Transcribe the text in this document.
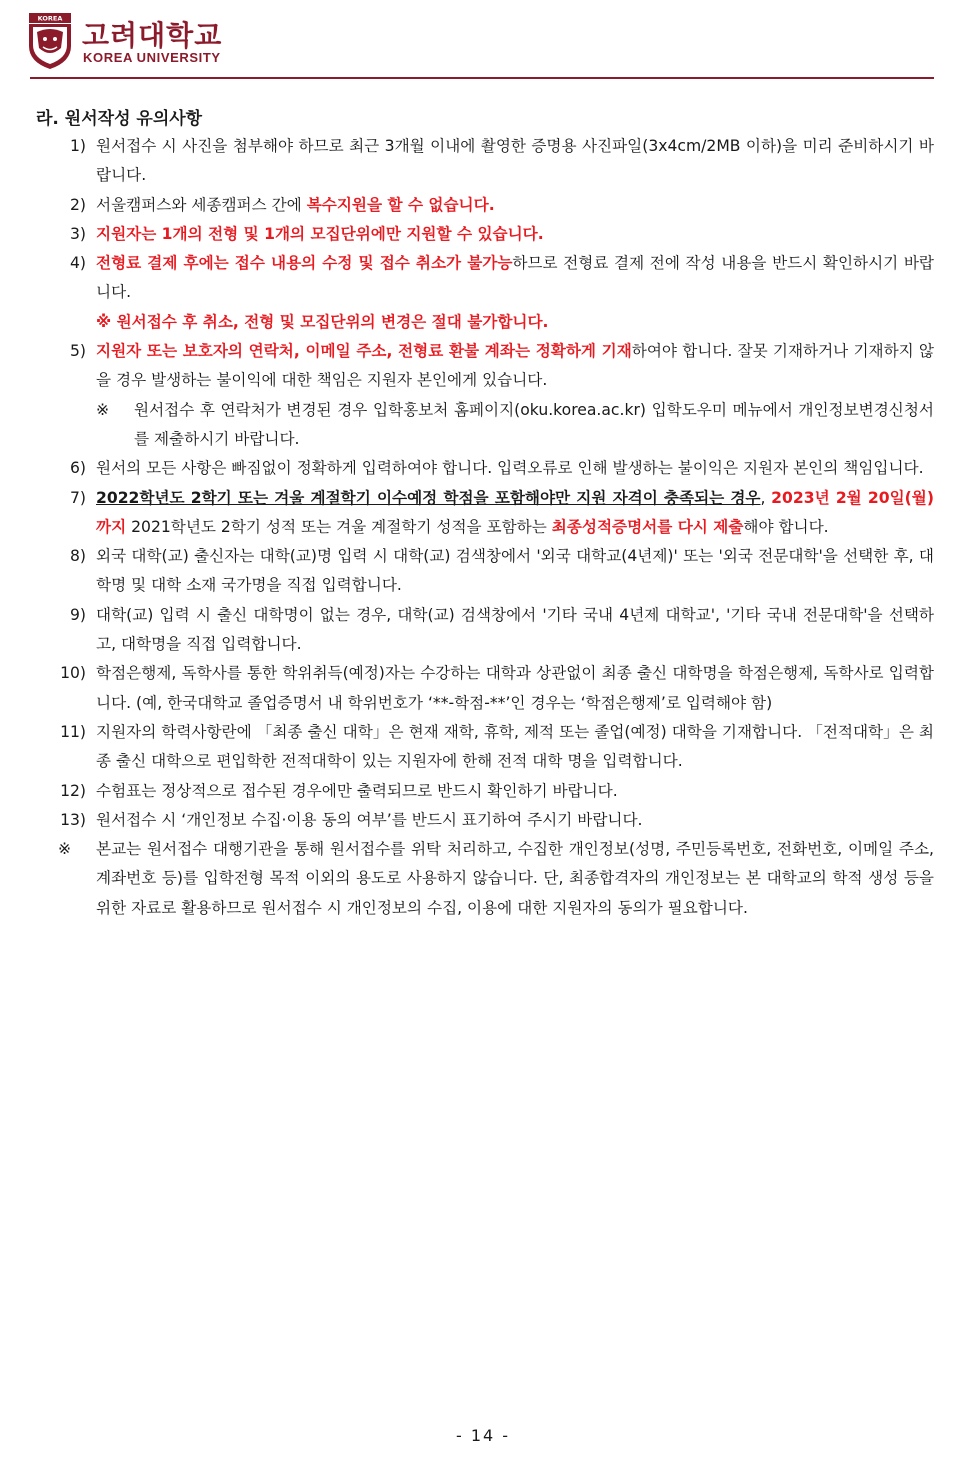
KOREA
고려대학교
KOREA UNIVERSITY
라. 원서작성 유의사항
1) 원서접수 시 사진을 첨부해야 하므로 최근 3개월 이내에 촬영한 증명용 사진파일(3x4cm/2MB 이하)을 미리 준비하시기 바랍니다.
2) 서울캠퍼스와 세종캠퍼스 간에 복수지원을 할 수 없습니다.
3) 지원자는 1개의 전형 및 1개의 모집단위에만 지원할 수 있습니다.
4) 전형료 결제 후에는 접수 내용의 수정 및 접수 취소가 불가능하므로 전형료 결제 전에 작성 내용을 반드시 확인하시기 바랍니다.
※ 원서접수 후 취소, 전형 및 모집단위의 변경은 절대 불가합니다.
5) 지원자 또는 보호자의 연락처, 이메일 주소, 전형료 환불 계좌는 정확하게 기재하여야 합니다. 잘못 기재하거나 기재하지 않을 경우 발생하는 불이익에 대한 책임은 지원자 본인에게 있습니다.
※	원서접수 후 연락처가 변경된 경우 입학홍보처 홈페이지(oku.korea.ac.kr) 입학도우미 메뉴에서 개인정보변경신청서를 제출하시기 바랍니다.
6) 원서의 모든 사항은 빠짐없이 정확하게 입력하여야 합니다. 입력오류로 인해 발생하는 불이익은 지원자 본인의 책임입니다.
7) 2022학년도 2학기 또는 겨울 계절학기 이수예정 학점을 포함해야만 지원 자격이 충족되는 경우, 2023년 2월 20일(월)까지 2021학년도 2학기 성적 또는 겨울 계절학기 성적을 포함하는 최종성적증명서를 다시 제출해야 합니다.
8) 외국 대학(교) 출신자는 대학(교)명 입력 시 대학(교) 검색창에서 '외국 대학교(4년제)' 또는 '외국 전문대학'을 선택한 후, 대학명 및 대학 소재 국가명을 직접 입력합니다.
9) 대학(교) 입력 시 출신 대학명이 없는 경우, 대학(교) 검색창에서 '기타 국내 4년제 대학교', '기타 국내 전문대학'을 선택하고, 대학명을 직접 입력합니다.
10) 학점은행제, 독학사를 통한 학위취득(예정)자는 수강하는 대학과 상관없이 최종 출신 대학명을 학점은행제, 독학사로 입력합니다. (예, 한국대학교 졸업증명서 내 학위번호가 ‘**-학점-**’인 경우는 ‘학점은행제’로 입력해야 함)
11) 지원자의 학력사항란에 「최종 출신 대학」은 현재 재학, 휴학, 제적 또는 졸업(예정) 대학을 기재합니다. 「전적대학」은 최종 출신 대학으로 편입학한 전적대학이 있는 지원자에 한해 전적 대학 명을 입력합니다.
12) 수험표는 정상적으로 접수된 경우에만 출력되므로 반드시 확인하기 바랍니다.
13) 원서접수 시 ‘개인정보 수집·이용 동의 여부’를 반드시 표기하여 주시기 바랍니다.
※	본교는 원서접수 대행기관을 통해 원서접수를 위탁 처리하고, 수집한 개인정보(성명, 주민등록번호, 전화번호, 이메일 주소, 계좌번호 등)를 입학전형 목적 이외의 용도로 사용하지 않습니다. 단, 최종합격자의 개인정보는 본 대학교의 학적 생성 등을 위한 자료로 활용하므로 원서접수 시 개인정보의 수집, 이용에 대한 지원자의 동의가 필요합니다.
- 14 -
